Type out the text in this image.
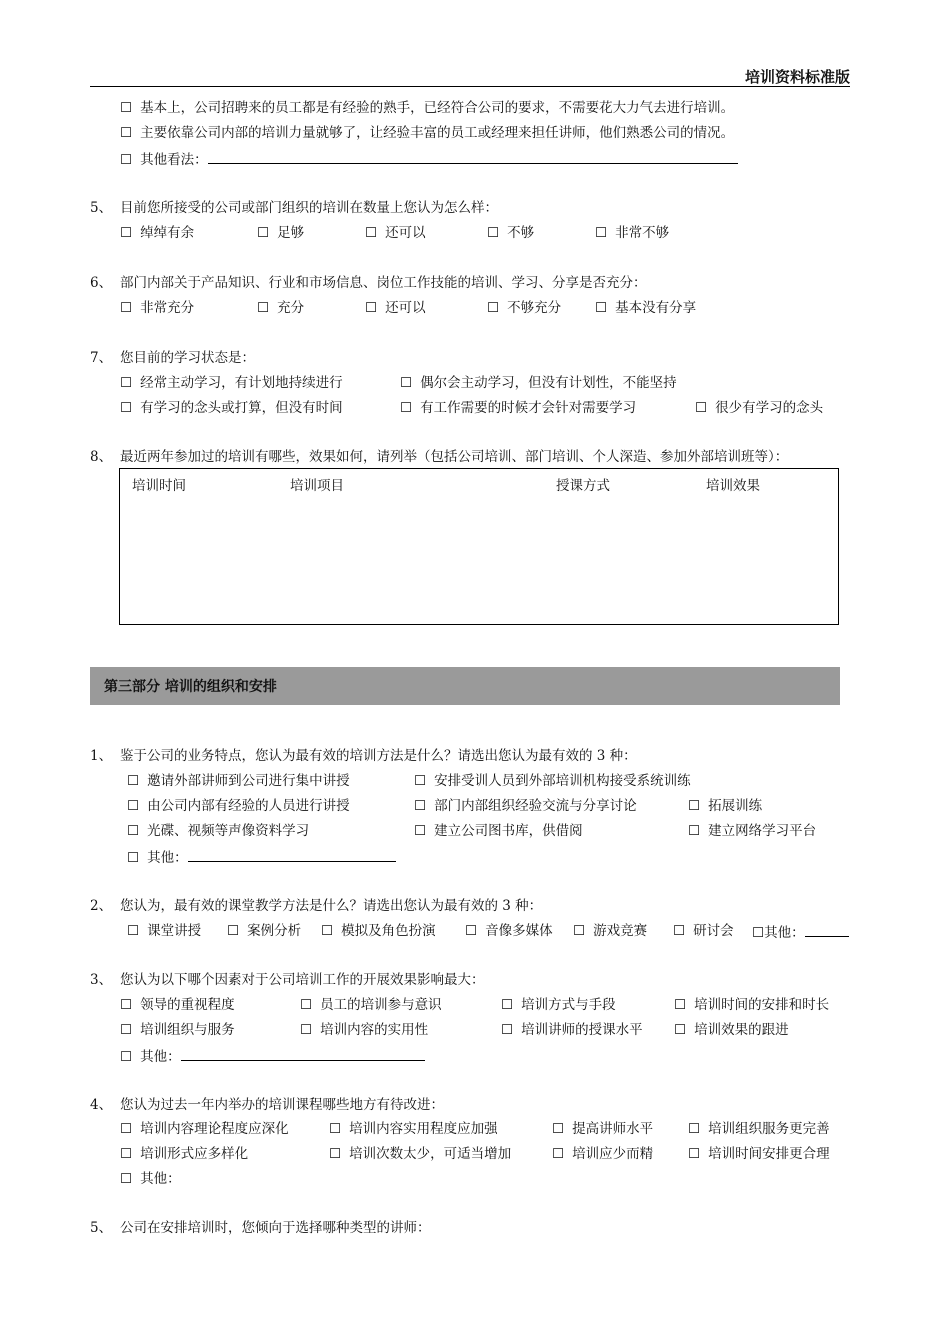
培训资料标准版
☐ 基本上，公司招聘来的员工都是有经验的熟手，已经符合公司的要求，不需要花大力气去进行培训。
☐ 主要依靠公司内部的培训力量就够了，让经验丰富的员工或经理来担任讲师，他们熟悉公司的情况。
☐ 其他看法：
5、 目前您所接受的公司或部门组织的培训在数量上您认为怎么样：
☐ 绰绰有余	☐ 足够	☐ 还可以	☐ 不够	☐ 非常不够
6、 部门内部关于产品知识、行业和市场信息、岗位工作技能的培训、学习、分享是否充分：
☐ 非常充分	☐ 充分	☐ 还可以	☐ 不够充分	☐ 基本没有分享
7、 您目前的学习状态是：
☐ 经常主动学习，有计划地持续进行	☐ 偶尔会主动学习，但没有计划性，不能坚持
☐ 有学习的念头或打算，但没有时间	☐ 有工作需要的时候才会针对需要学习	☐ 很少有学习的念头
8、 最近两年参加过的培训有哪些，效果如何，请列举（包括公司培训、部门培训、个人深造、参加外部培训班等）：
培训时间	培训项目	授课方式	培训效果
第三部分 培训的组织和安排
1、 鉴于公司的业务特点，您认为最有效的培训方法是什么？请选出您认为最有效的 3 种：
☐ 邀请外部讲师到公司进行集中讲授	☐ 安排受训人员到外部培训机构接受系统训练
☐ 由公司内部有经验的人员进行讲授	☐ 部门内部组织经验交流与分享讨论	☐ 拓展训练
☐ 光碟、视频等声像资料学习	☐ 建立公司图书库，供借阅	☐ 建立网络学习平台
☐ 其他：
2、 您认为，最有效的课堂教学方法是什么？请选出您认为最有效的 3 种：
☐ 课堂讲授	☐ 案例分析	☐ 模拟及角色扮演	☐ 音像多媒体	☐ 游戏竞赛	☐ 研讨会 ☐其他：
3、 您认为以下哪个因素对于公司培训工作的开展效果影响最大：
☐ 领导的重视程度	☐ 员工的培训参与意识	☐ 培训方式与手段	☐ 培训时间的安排和时长
☐ 培训组织与服务	☐ 培训内容的实用性	☐ 培训讲师的授课水平	☐ 培训效果的跟进
☐ 其他：
4、 您认为过去一年内举办的培训课程哪些地方有待改进：
☐ 培训内容理论程度应深化	☐ 培训内容实用程度应加强	☐ 提高讲师水平	☐ 培训组织服务更完善
☐ 培训形式应多样化	☐ 培训次数太少，可适当增加	☐ 培训应少而精	☐ 培训时间安排更合理
☐ 其他：
5、 公司在安排培训时，您倾向于选择哪种类型的讲师：
